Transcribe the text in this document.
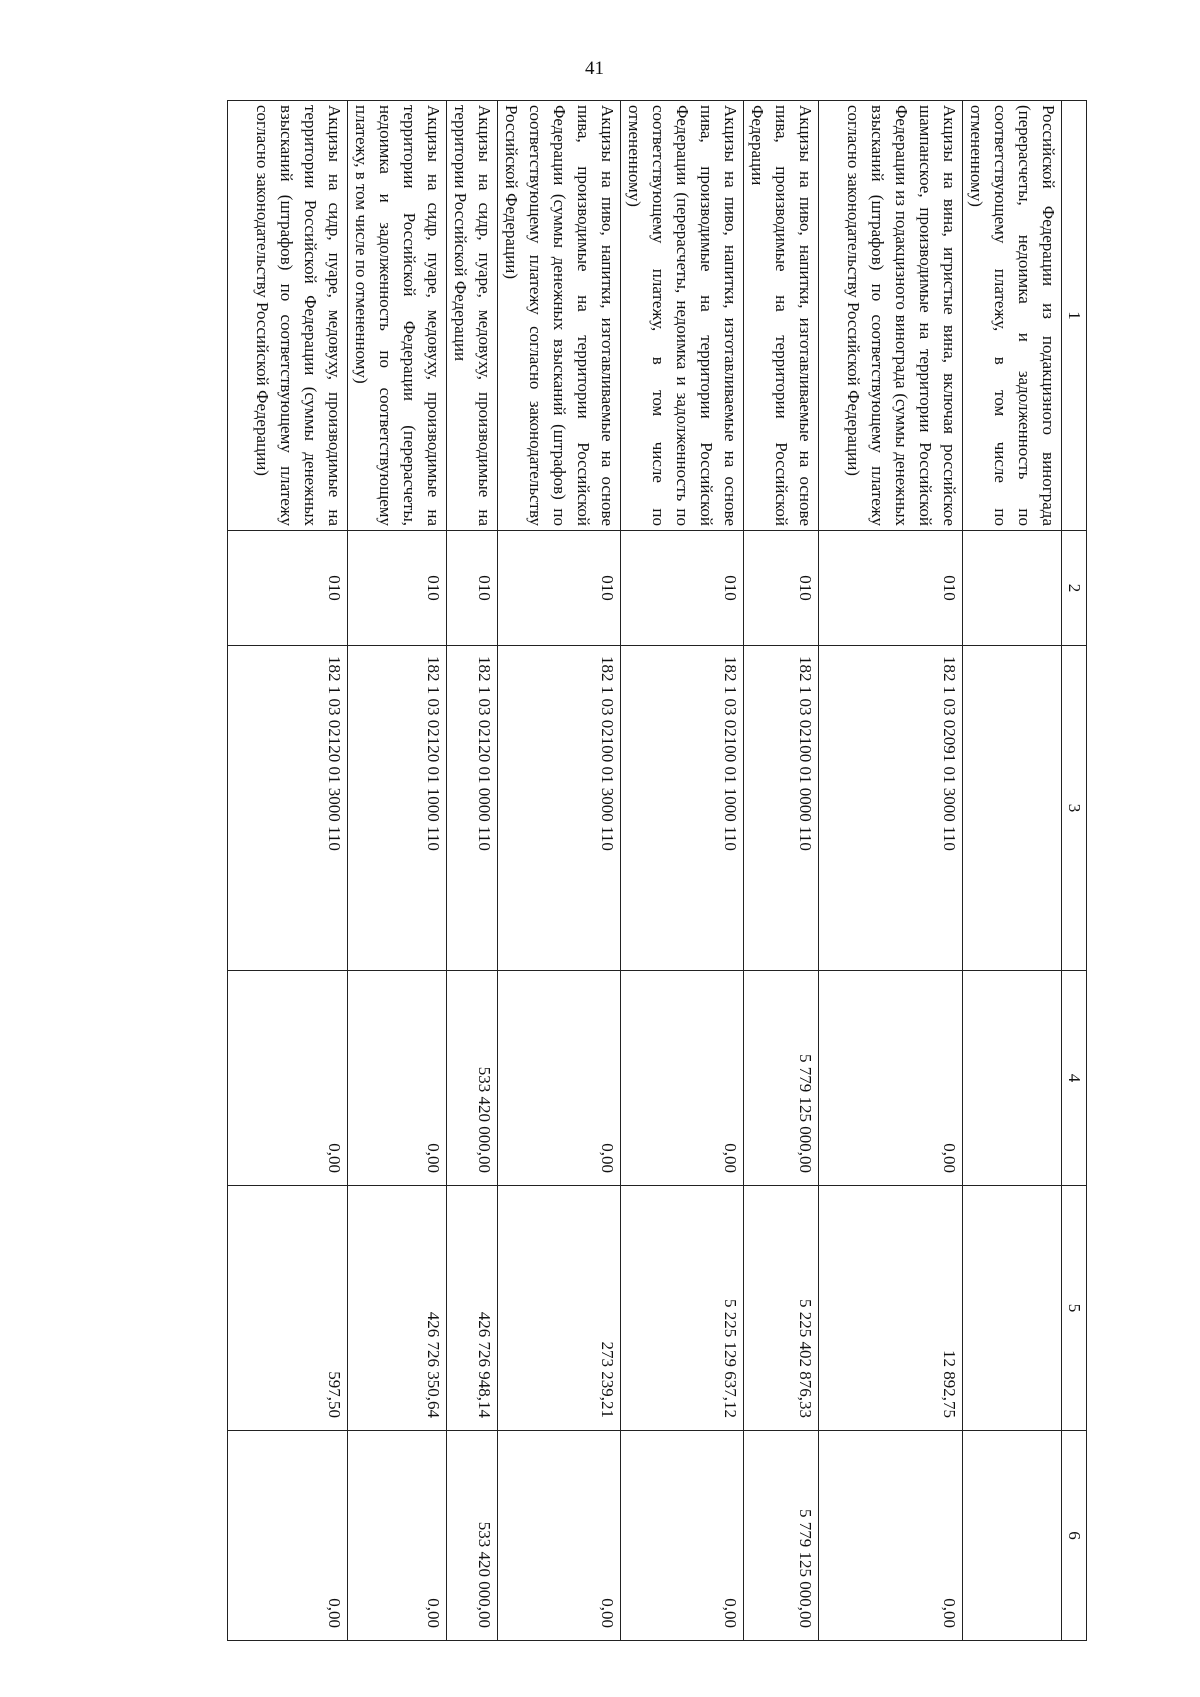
41
1	2	3	4	5	6
Российской Федерации из подакцизного винограда (перерасчеты, недоимка и задолженность по соответствующему платежу, в том числе по отмененному)					
Акцизы на вина, игристые вина, включая российское шампанское, производимые на территории Российской Федерации из подакцизного винограда (суммы денежных взысканий (штрафов) по соответствующему платежу согласно законодательству Российской Федерации)	010	182 1 03 02091 01 3000 110	0,00	12 892,75	0,00
Акцизы на пиво, напитки, изготавливаемые на основе пива, производимые на территории Российской Федерации	010	182 1 03 02100 01 0000 110	5 779 125 000,00	5 225 402 876,33	5 779 125 000,00
Акцизы на пиво, напитки, изготавливаемые на основе пива, производимые на территории Российской Федерации (перерасчеты, недоимка и задолженность по соответствующему платежу, в том числе по отмененному)	010	182 1 03 02100 01 1000 110	0,00	5 225 129 637,12	0,00
Акцизы на пиво, напитки, изготавливаемые на основе пива, производимые на территории Российской Федерации (суммы денежных взысканий (штрафов) по соответствующему платежу согласно законодательству Российской Федерации)	010	182 1 03 02100 01 3000 110	0,00	273 239,21	0,00
Акцизы на сидр, пуаре, медовуху, производимые на территории Российской Федерации	010	182 1 03 02120 01 0000 110	533 420 000,00	426 726 948,14	533 420 000,00
Акцизы на сидр, пуаре, медовуху, производимые на территории Российской Федерации (перерасчеты, недоимка и задолженность по соответствующему платежу, в том числе по отмененному)	010	182 1 03 02120 01 1000 110	0,00	426 726 350,64	0,00
Акцизы на сидр, пуаре, медовуху, производимые на территории Российской Федерации (суммы денежных взысканий (штрафов) по соответствующему платежу согласно законодательству Российской Федерации)	010	182 1 03 02120 01 3000 110	0,00	597,50	0,00
